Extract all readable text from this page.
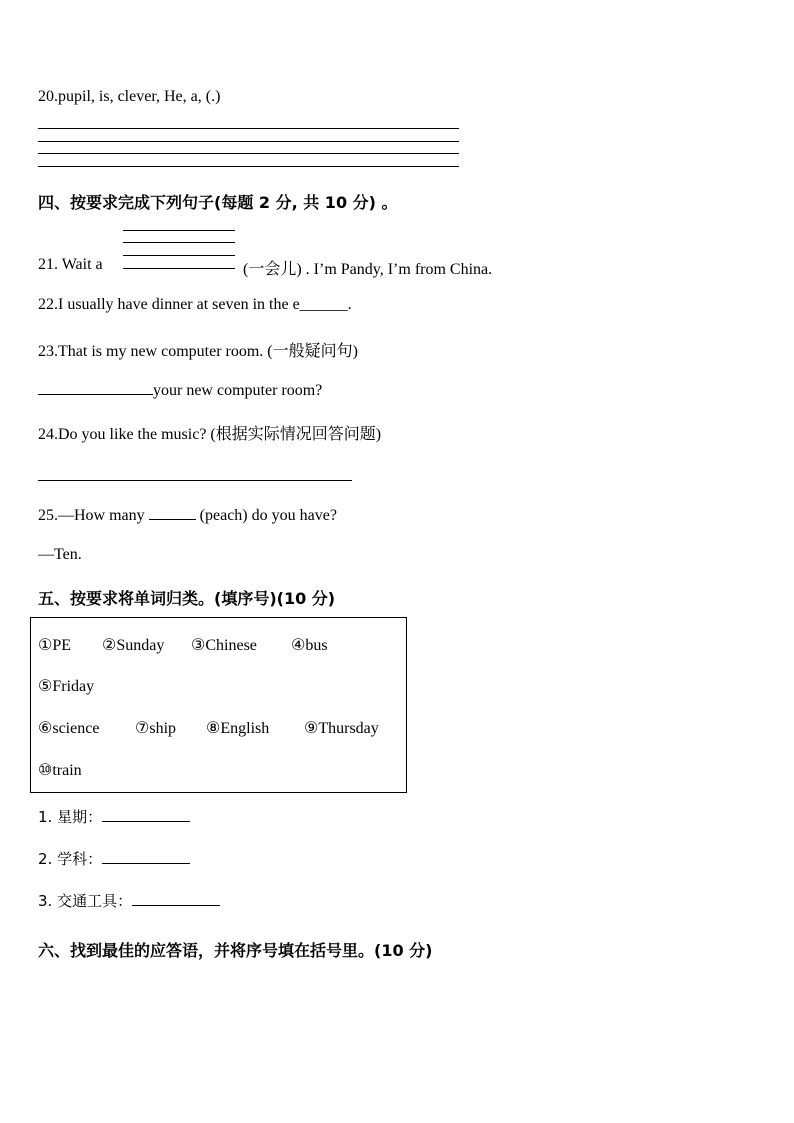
20.pupil, is, clever, He, a, (.)
四、按要求完成下列句子(每题 2 分, 共 10 分) 。
21. Wait a	(一会儿) . I’m Pandy, I’m from China.
22.I usually have dinner at seven in the e______.
23.That is my new computer room. (一般疑问句)
your new computer room?
24.Do you like the music? (根据实际情况回答问题)
25.—How many	(peach) do you have?
—Ten.
五、按要求将单词归类。(填序号)(10 分)
①PE ②Sunday ③Chinese ④bus
⑤Friday
⑥science ⑦ship ⑧English ⑨Thursday
⑩train
1. 星期：
2. 学科：
3. 交通工具：
六、找到最佳的应答语，并将序号填在括号里。(10 分)
